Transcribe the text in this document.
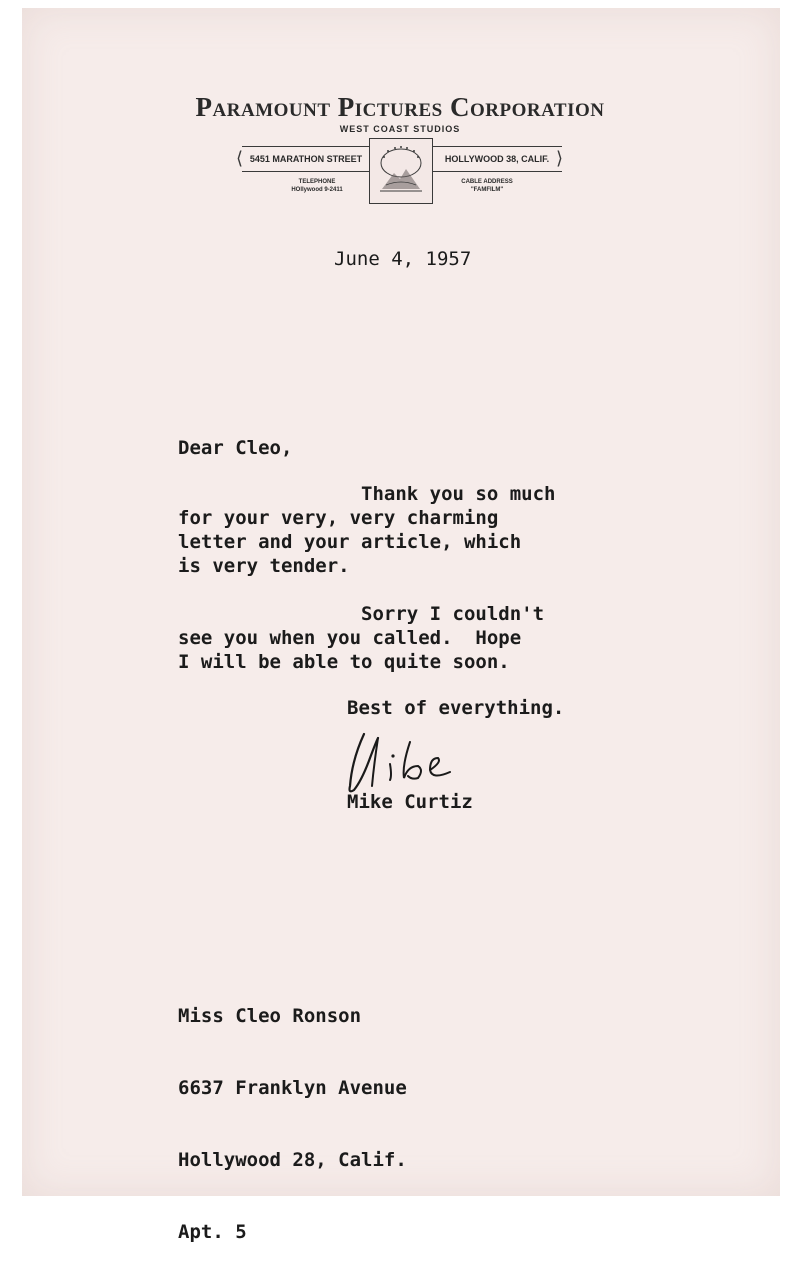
Paramount Pictures Corporation
WEST COAST STUDIOS
⟨ 5451 MARATHON STREET	HOLLYWOOD 38, CALIF. ⟩
TELEPHONE
HOllywood 9-2411
CABLE ADDRESS
"FAMFILM"
June 4, 1957
Dear Cleo,
Thank you so much
for your very, very charming
letter and your article, which
is very tender.
Sorry I couldn't
see you when you called.  Hope
I will be able to quite soon.
Best of everything.
Mike Curtiz

Miss Cleo Ronson

6637 Franklyn Avenue

Hollywood 28, Calif.

Apt. 5
